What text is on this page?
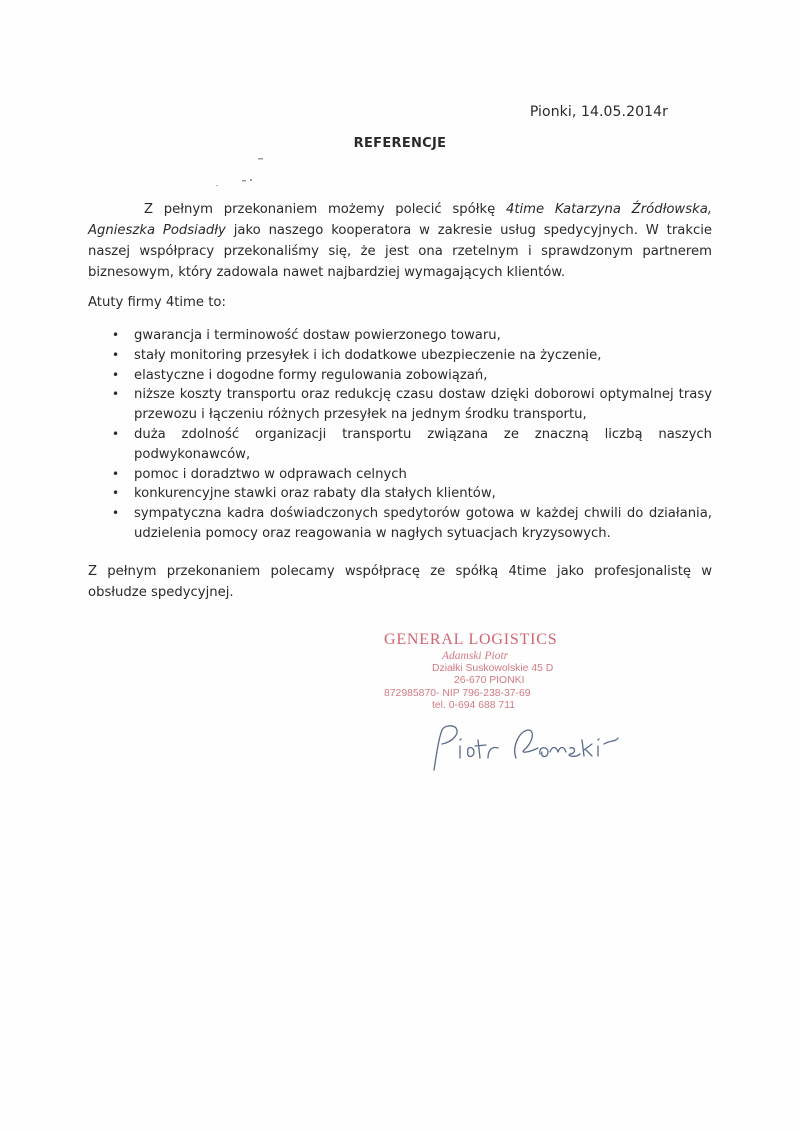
Pionki, 14.05.2014r
REFERENCJE
Z pełnym przekonaniem możemy polecić spółkę 4time Katarzyna Źródłowska, Agnieszka Podsiadły jako naszego kooperatora w zakresie usług spedycyjnych. W trakcie naszej współpracy przekonaliśmy się, że jest ona rzetelnym i sprawdzonym partnerem biznesowym, który zadowala nawet najbardziej wymagających klientów.
Atuty firmy 4time to:
• gwarancja i terminowość dostaw powierzonego towaru,
• stały monitoring przesyłek i ich dodatkowe ubezpieczenie na życzenie,
• elastyczne i dogodne formy regulowania zobowiązań,
• niższe koszty transportu oraz redukcję czasu dostaw dzięki doborowi optymalnej trasy przewozu i łączeniu różnych przesyłek na jednym środku transportu,
• duża zdolność organizacji transportu związana ze znaczną liczbą naszych podwykonawców,
• pomoc i doradztwo w odprawach celnych
• konkurencyjne stawki oraz rabaty dla stałych klientów,
• sympatyczna kadra doświadczonych spedytorów gotowa w każdej chwili do działania, udzielenia pomocy oraz reagowania w nagłych sytuacjach kryzysowych.
Z pełnym przekonaniem polecamy współpracę ze spółką 4time jako profesjonalistę w obsłudze spedycyjnej.
GENERAL LOGISTICS
Adamski Piotr
Działki Suskowolskie 45 D
26-670 PIONKI
872985870- NIP 796-238-37-69
tel. 0-694 688 711
